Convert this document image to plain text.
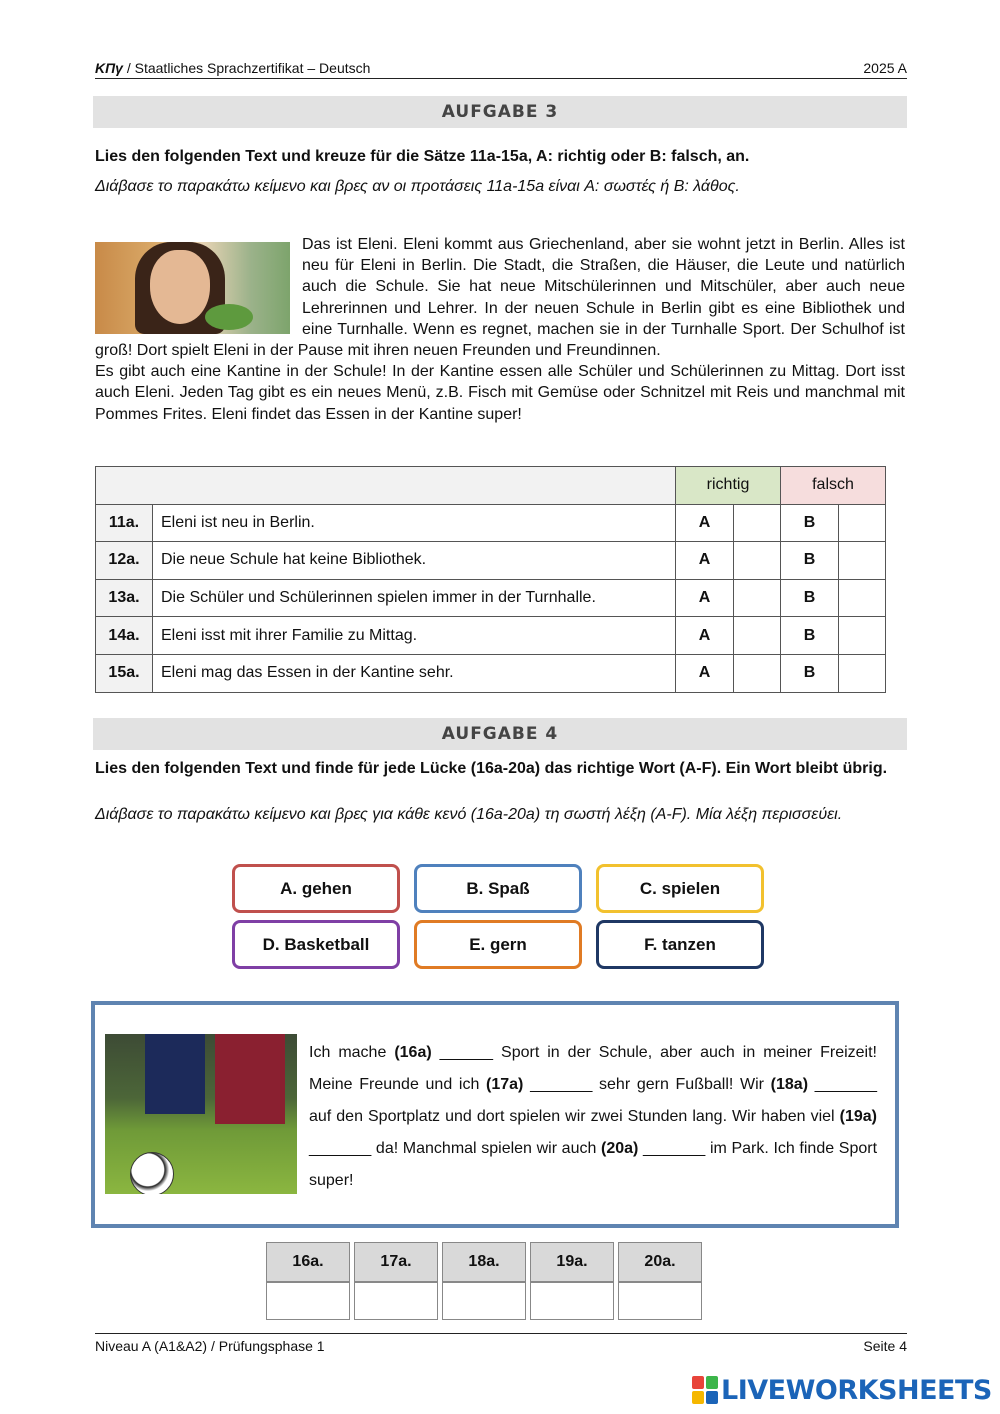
ΚΠγ / Staatliches Sprachzertifikat – Deutsch	2025 A
AUFGABE 3
Lies den folgenden Text und kreuze für die Sätze 11a-15a, A: richtig oder B: falsch, an.
Διάβασε το παρακάτω κείμενο και βρες αν οι προτάσεις 11a-15a είναι A: σωστές ή B: λάθος.

Das ist Eleni. Eleni kommt aus Griechenland, aber sie wohnt jetzt in Berlin. Alles ist neu für Eleni in Berlin. Die Stadt, die Straßen, die Häuser, die Leute und natürlich auch die Schule. Sie hat neue Mitschülerinnen und Mitschüler, aber auch neue Lehrerinnen und Lehrer. In der neuen Schule in Berlin gibt es eine Bibliothek und eine Turnhalle. Wenn es regnet, machen sie in der Turnhalle Sport. Der Schulhof ist groß! Dort spielt Eleni in der Pause mit ihren neuen Freunden und Freundinnen.

Es gibt auch eine Kantine in der Schule! In der Kantine essen alle Schüler und Schülerinnen zu Mittag. Dort isst auch Eleni. Jeden Tag gibt es ein neues Menü, z.B. Fisch mit Gemüse oder Schnitzel mit Reis und manchmal mit Pommes Frites. Eleni findet das Essen in der Kantine super!

		richtig		falsch	
11a.	Eleni ist neu in Berlin.	A		B	
12a.	Die neue Schule hat keine Bibliothek.	A		B	
13a.	Die Schüler und Schülerinnen spielen immer in der Turnhalle.	A		B	
14a.	Eleni isst mit ihrer Familie zu Mittag.	A		B	
15a.	Eleni mag das Essen in der Kantine sehr.	A		B	
AUFGABE 4
Lies den folgenden Text und finde für jede Lücke (16a-20a) das richtige Wort (A-F). Ein Wort bleibt übrig.
Διάβασε το παρακάτω κείμενο και βρες για κάθε κενό (16a-20a) τη σωστή λέξη (A-F). Μία λέξη περισσεύει.
A. gehen	B. Spaß	C. spielen
D. Basketball	E. gern	F. tanzen

Ich mache (16a) ______ Sport in der Schule, aber auch in meiner Freizeit! Meine Freunde und ich (17a) _______ sehr gern Fußball! Wir (18a) _______ auf den Sportplatz und dort spielen wir zwei Stunden lang. Wir haben viel (19a) _______ da! Manchmal spielen wir auch (20a) _______ im Park. Ich finde Sport super!

16a.	17a.	18a.	19a.	20a.

Niveau A (A1&A2) / Prüfungsphase 1	Seite 4
LIVEWORKSHEETS
